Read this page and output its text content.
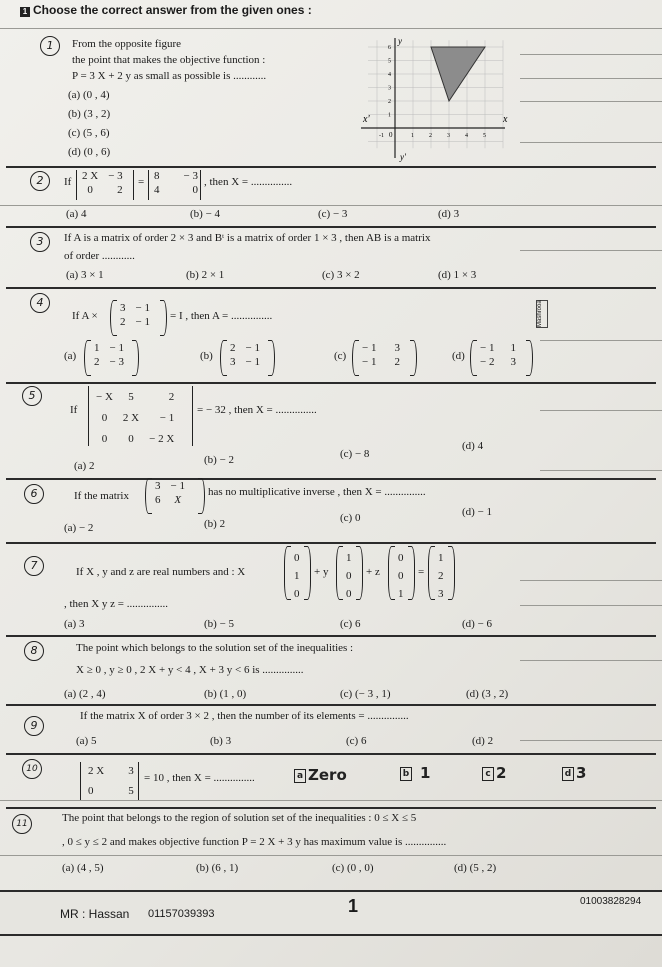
1 Choose the correct answer from the given ones :
1	From the opposite figure
the point that makes the objective function :
P = 3 X + 2 y as small as possible is ............
(a) (0 , 4)
(b) (3 , 2)
(c) (5 , 6)
(d) (0 , 6)
x
x'
y
y'
0
-1	1	2	3	4	5
1
2
3
4
5
6
2	If 2 X	− 3
0	2
= 8	− 3
4	0
, then X = ...............
(a) 4	(b) − 4	(c) − 3	(d) 3
3	If A is a matrix of order 2 × 3 and Bᵗ is a matrix of order 1 × 3 , then AB is a matrix
of order ............
(a) 3 × 1	(b) 2 × 1	(c) 3 × 2	(d) 1 × 3
4
If A ×
3	− 1
2	− 1 = I , then A = ...............	Mashrooa
(a)
1	− 1
2	− 3	(b)
2	− 1
3	− 1	(c)
− 1	3
− 1	2	(d)
− 1	1
− 2	3
5
If
− X	5	2
0	2 X	− 1
0	0	− 2 X
= − 32 , then X = ...............
(a) 2	(b) − 2	(c) − 8
(d) 4
6	If the matrix
3	− 1
6	X
has no multiplicative inverse , then X = ...............
(a) − 2	(b) 2	(c) 0	(d) − 1
7	If X , y and z are real numbers and : X
0
1
0
+ y
1
0
0
+ z
0
0
1
=
1
2
3
, then X y z = ...............
(a) 3	(b) − 5	(c) 6	(d) − 6
8	The point which belongs to the solution set of the inequalities :
X ≥ 0 , y ≥ 0 , 2 X + y < 4 , X + 3 y < 6 is ...............
(a) (2 , 4)	(b) (1 , 0)	(c) (− 3 , 1)	(d) (3 , 2)
9
If the matrix X of order 3 × 2 , then the number of its elements = ...............
(a) 5	(b) 3	(c) 6	(d) 2
10	2 X	3
0	5
= 10 , then X = ...............	a Zero	b 1	c 2	d 3
11	The point that belongs to the region of solution set of the inequalities : 0 ≤ X ≤ 5
, 0 ≤ y ≤ 2 and makes objective function P = 2 X + 3 y has maximum value is ...............
(a) (4 , 5)	(b) (6 , 1)	(c) (0 , 0)	(d) (5 , 2)
MR : Hassan 01157039393	1	01003828294
